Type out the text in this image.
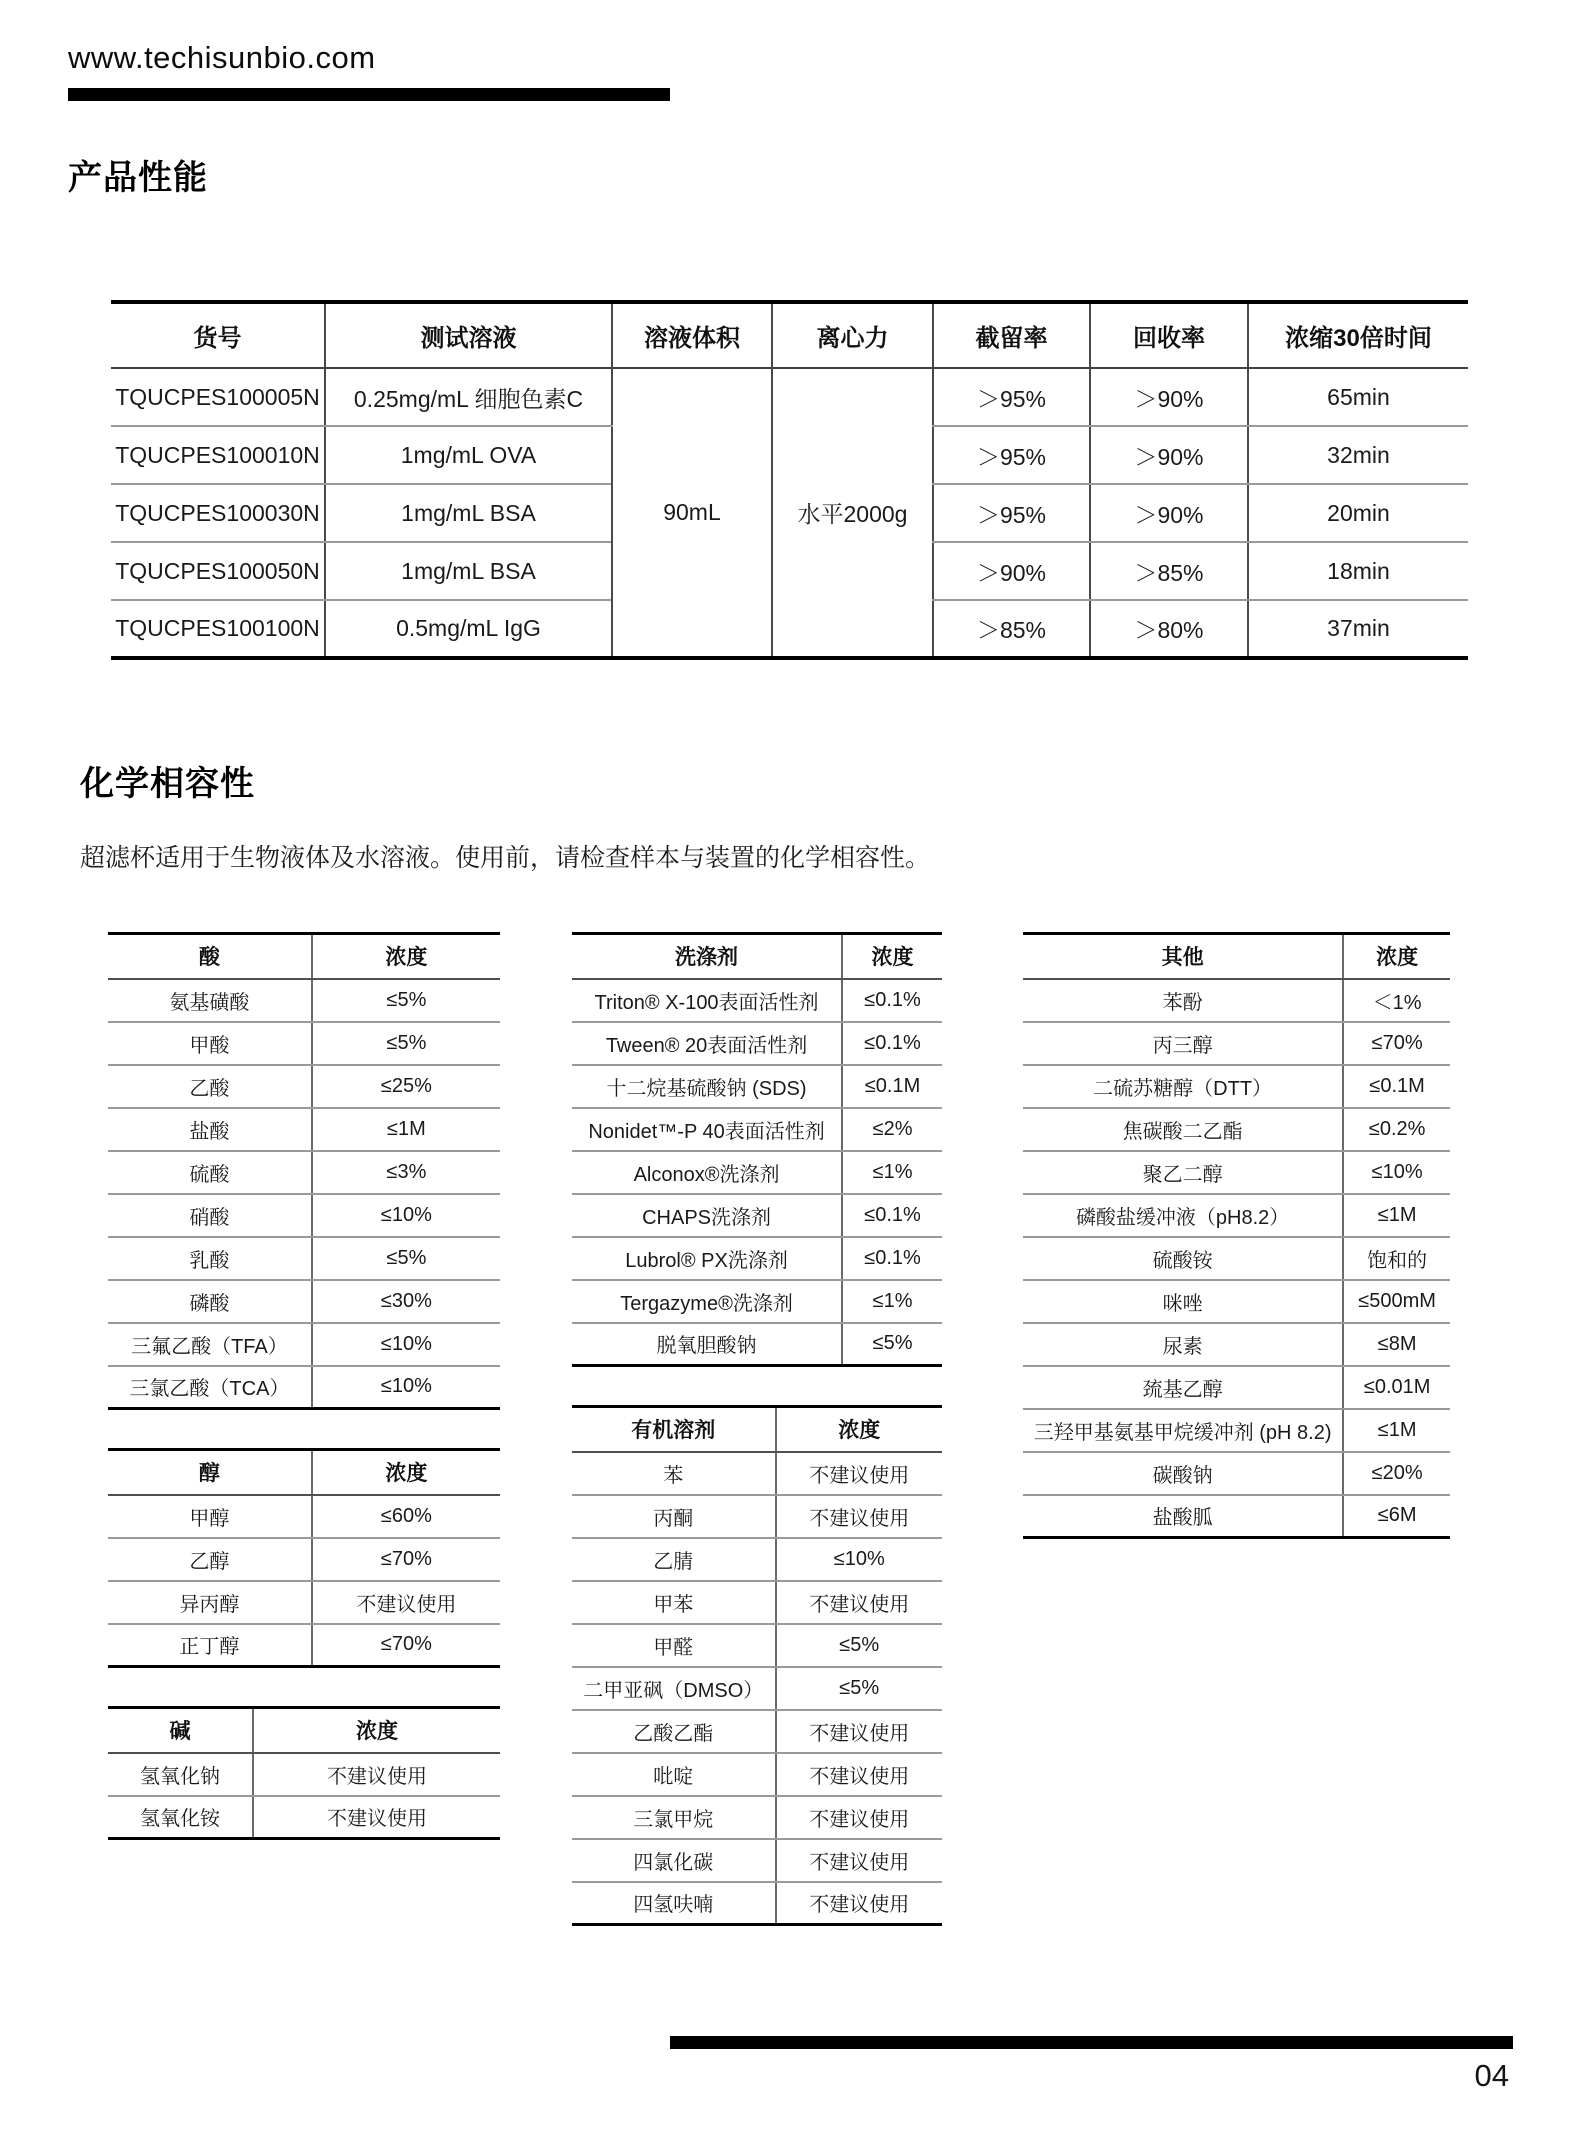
www.techisunbio.com
产品性能
货号	测试溶液	溶液体积	离心力	截留率	回收率	浓缩30倍时间
TQUCPES100005N	0.25mg/mL 细胞色素C	90mL	水平2000g	＞95%	＞90%	65min
TQUCPES100010N	1mg/mL OVA			＞95%	＞90%	32min
TQUCPES100030N	1mg/mL BSA			＞95%	＞90%	20min
TQUCPES100050N	1mg/mL BSA			＞90%	＞85%	18min
TQUCPES100100N	0.5mg/mL IgG			＞85%	＞80%	37min
化学相容性
超滤杯适用于生物液体及水溶液。使用前，请检查样本与装置的化学相容性。
酸	浓度
氨基磺酸	≤5%
甲酸	≤5%
乙酸	≤25%
盐酸	≤1M
硫酸	≤3%
硝酸	≤10%
乳酸	≤5%
磷酸	≤30%
三氟乙酸（TFA）	≤10%
三氯乙酸（TCA）	≤10%
醇	浓度
甲醇	≤60%
乙醇	≤70%
异丙醇	不建议使用
正丁醇	≤70%
碱	浓度
氢氧化钠	不建议使用
氢氧化铵	不建议使用
洗涤剂	浓度
Triton® X-100表面活性剂	≤0.1%
Tween® 20表面活性剂	≤0.1%
十二烷基硫酸钠 (SDS)	≤0.1M
Nonidet™-P 40表面活性剂	≤2%
Alconox®洗涤剂	≤1%
CHAPS洗涤剂	≤0.1%
Lubrol® PX洗涤剂	≤0.1%
Tergazyme®洗涤剂	≤1%
脱氧胆酸钠	≤5%
有机溶剂	浓度
苯	不建议使用
丙酮	不建议使用
乙腈	≤10%
甲苯	不建议使用
甲醛	≤5%
二甲亚砜（DMSO）	≤5%
乙酸乙酯	不建议使用
吡啶	不建议使用
三氯甲烷	不建议使用
四氯化碳	不建议使用
四氢呋喃	不建议使用
其他	浓度
苯酚	＜1%
丙三醇	≤70%
二硫苏糖醇（DTT）	≤0.1M
焦碳酸二乙酯	≤0.2%
聚乙二醇	≤10%
磷酸盐缓冲液（pH8.2）	≤1M
硫酸铵	饱和的
咪唑	≤500mM
尿素	≤8M
巯基乙醇	≤0.01M
三羟甲基氨基甲烷缓冲剂 (pH 8.2)	≤1M
碳酸钠	≤20%
盐酸胍	≤6M
04
